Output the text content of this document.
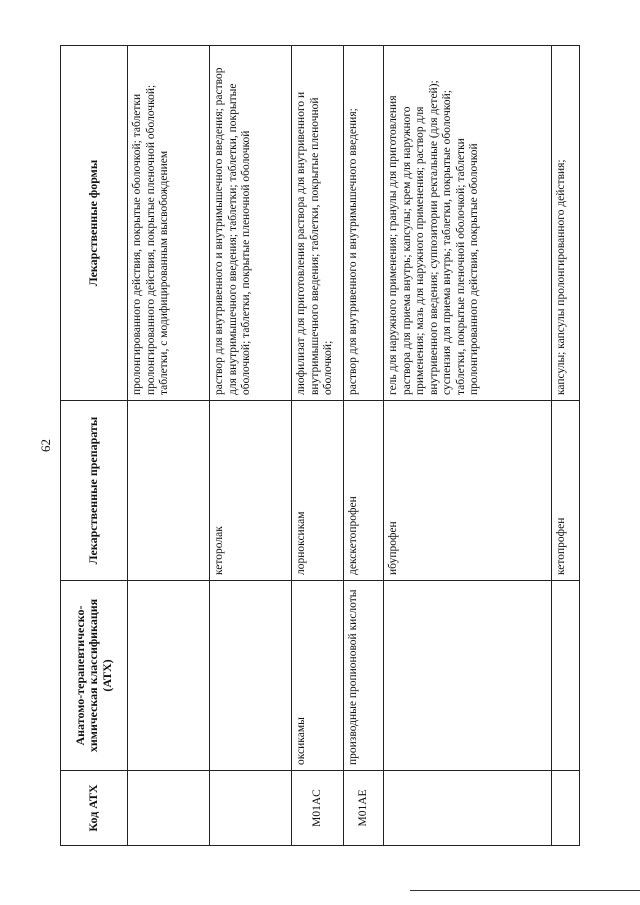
62
Код АТХ	Анатомо-терапевтическо-химическая классификация (АТХ)	Лекарственные препараты	Лекарственные формы
			пролонгированного действия, покрытые оболочкой; таблетки пролонгированного действия, покрытые пленочной оболочкой; таблетки, с модифицированным высвобождением
		кеторолак	раствор для внутривенного и внутримышечного введения; раствор для внутримышечного введения; таблетки; таблетки, покрытые оболочкой; таблетки, покрытые пленочной оболочкой
M01AC	оксикамы	лорноксикам	лиофилизат для приготовления раствора для внутривенного и внутримышечного введения; таблетки, покрытые пленочной оболочкой;
M01AE	производные пропионовой кислоты	декскетопрофен	раствор для внутривенного и внутримышечного введения;
		ибупрофен	гель для наружного применения; гранулы для приготовления раствора для приема внутрь; капсулы; крем для наружного применения; мазь для наружного применения; раствор для внутривенного введения; суппозитории ректальные (для детей); суспензия для приема внутрь; таблетки, покрытые оболочкой; таблетки, покрытые пленочной оболочкой; таблетки пролонгированного действия, покрытые оболочкой
		кетопрофен	капсулы; капсулы пролонгированного действия;
